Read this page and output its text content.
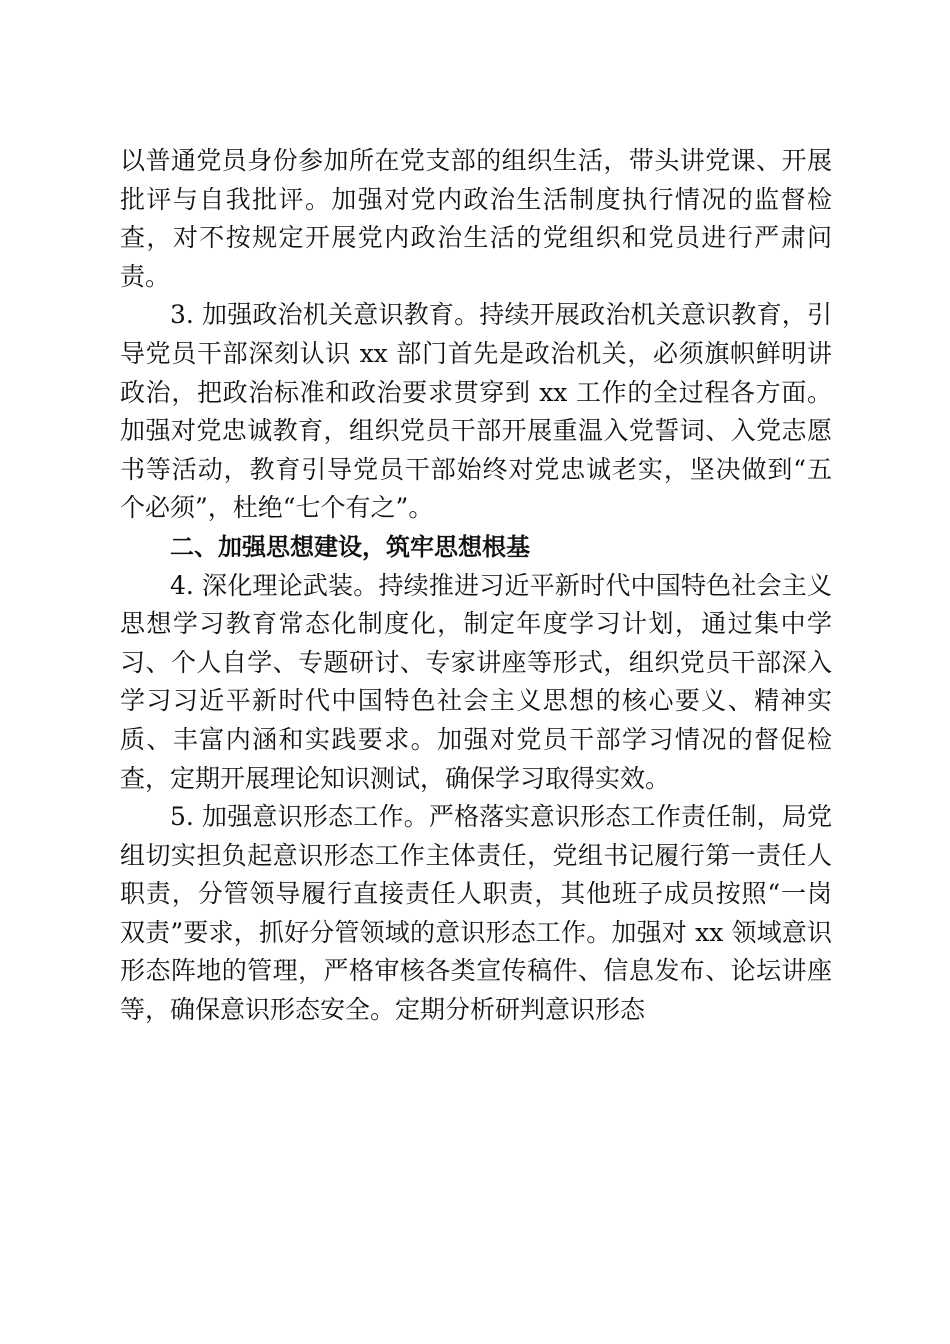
以普通党员身份参加所在党支部的组织生活，带头讲党课、开展批评与自我批评。加强对党内政治生活制度执行情况的监督检查，对不按规定开展党内政治生活的党组织和党员进行严肃问责。

3. 加强政治机关意识教育。持续开展政治机关意识教育，引导党员干部深刻认识 xx 部门首先是政治机关，必须旗帜鲜明讲政治，把政治标准和政治要求贯穿到 xx 工作的全过程各方面。加强对党忠诚教育，组织党员干部开展重温入党誓词、入党志愿书等活动，教育引导党员干部始终对党忠诚老实，坚决做到“五个必须”，杜绝“七个有之”。

二、加强思想建设，筑牢思想根基

4. 深化理论武装。持续推进习近平新时代中国特色社会主义思想学习教育常态化制度化，制定年度学习计划，通过集中学习、个人自学、专题研讨、专家讲座等形式，组织党员干部深入学习习近平新时代中国特色社会主义思想的核心要义、精神实质、丰富内涵和实践要求。加强对党员干部学习情况的督促检查，定期开展理论知识测试，确保学习取得实效。

5. 加强意识形态工作。严格落实意识形态工作责任制，局党组切实担负起意识形态工作主体责任，党组书记履行第一责任人职责，分管领导履行直接责任人职责，其他班子成员按照“一岗双责”要求，抓好分管领域的意识形态工作。加强对 xx 领域意识形态阵地的管理，严格审核各类宣传稿件、信息发布、论坛讲座等，确保意识形态安全。定期分析研判意识形态
